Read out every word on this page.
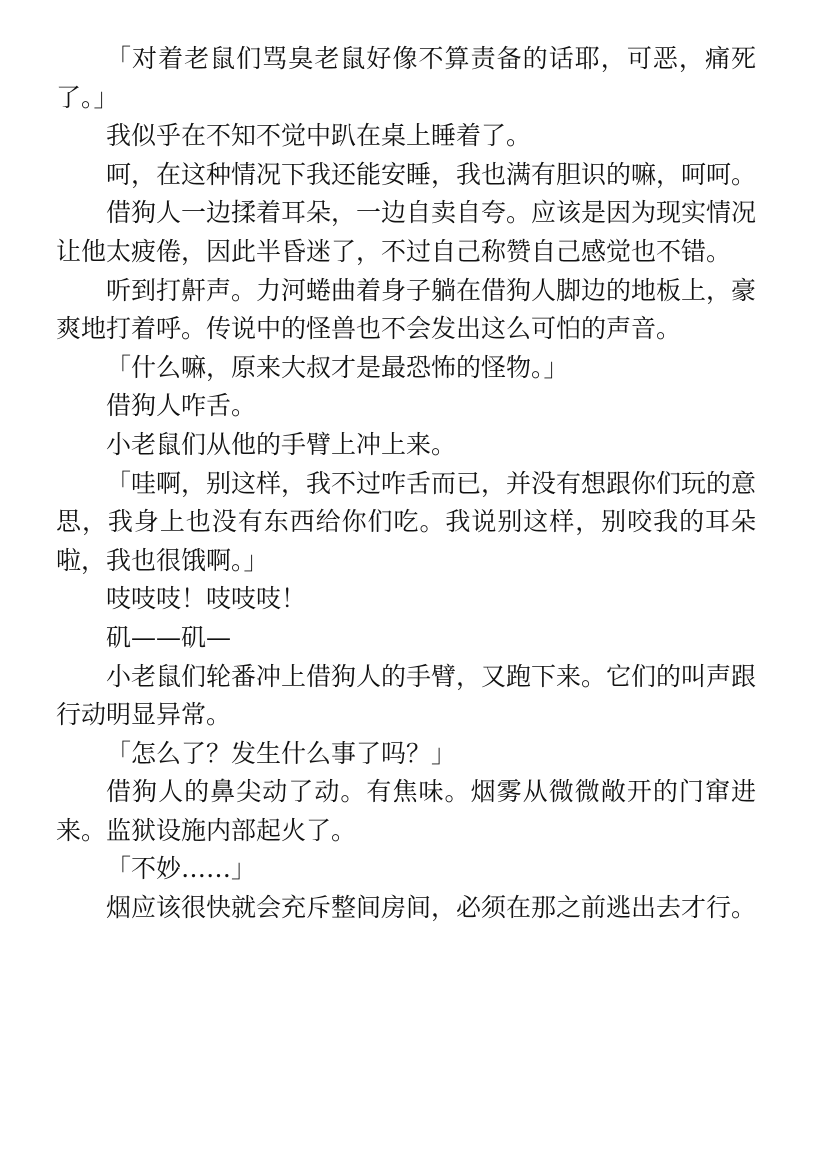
「对着老鼠们骂臭老鼠好像不算责备的话耶，可恶，痛死了。」

我似乎在不知不觉中趴在桌上睡着了。

呵，在这种情况下我还能安睡，我也满有胆识的嘛，呵呵。

借狗人一边揉着耳朵，一边自卖自夸。应该是因为现实情况让他太疲倦，因此半昏迷了，不过自己称赞自己感觉也不错。

听到打鼾声。力河蜷曲着身子躺在借狗人脚边的地板上，豪爽地打着呼。传说中的怪兽也不会发出这么可怕的声音。

「什么嘛，原来大叔才是最恐怖的怪物。」

借狗人咋舌。

小老鼠们从他的手臂上冲上来。

「哇啊，别这样，我不过咋舌而已，并没有想跟你们玩的意思，我身上也没有东西给你们吃。我说别这样，别咬我的耳朵啦，我也很饿啊。」

吱吱吱！吱吱吱！

矶——矶—

小老鼠们轮番冲上借狗人的手臂，又跑下来。它们的叫声跟行动明显异常。

「怎么了？发生什么事了吗？」

借狗人的鼻尖动了动。有焦味。烟雾从微微敞开的门窜进来。监狱设施内部起火了。

「不妙……」

烟应该很快就会充斥整间房间，必须在那之前逃出去才行。
